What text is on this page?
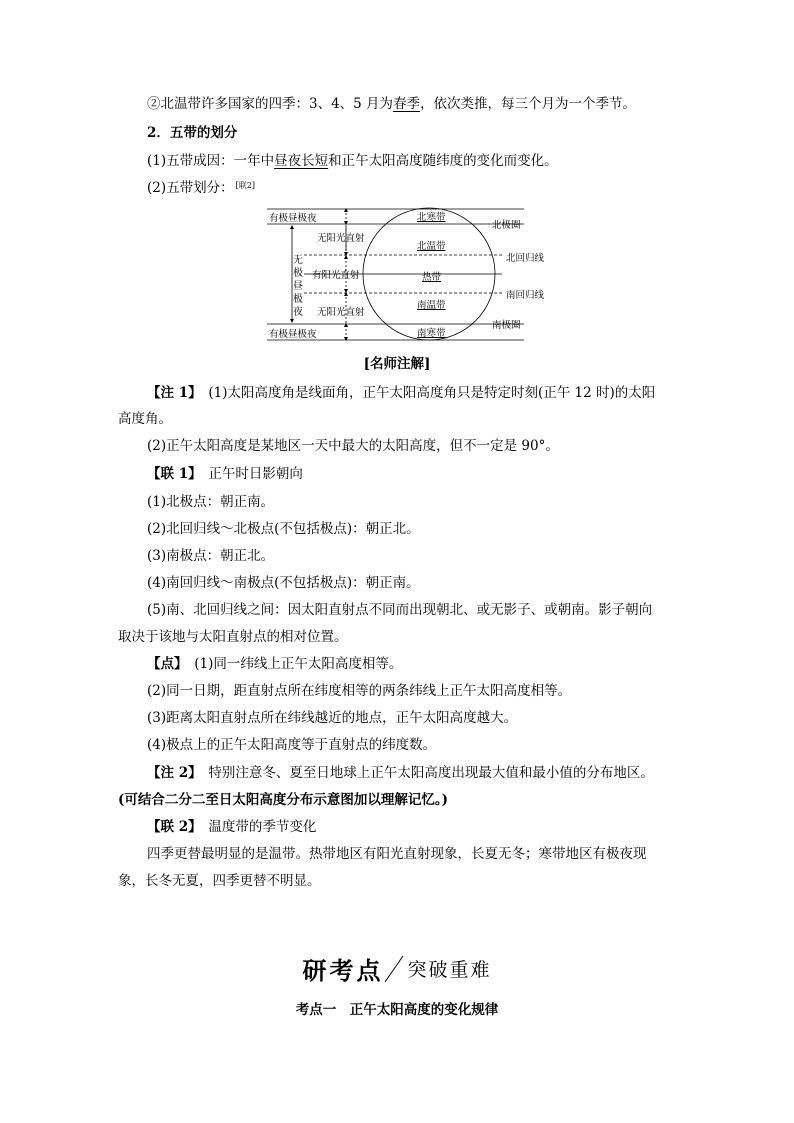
②北温带许多国家的四季：3、4、5 月为春季，依次类推，每三个月为一个季节。
2．五带的划分
(1)五带成因：一年中昼夜长短和正午太阳高度随纬度的变化而变化。
(2)五带划分： [联2]
有极昼极夜
有极昼极夜
无阳光直射
有阳光直射
无阳光直射
无极昼极夜
北寒带
北温带
热带
南温带
南寒带
北极圈
北回归线
南回归线
南极圈
[名师注解]
【注 1】　 (1)太阳高度角是线面角，正午太阳高度角只是特定时刻(正午 12 时)的太阳
高度角。
(2)正午太阳高度是某地区一天中最大的太阳高度，但不一定是 90°。
【联 1】　 正午时日影朝向
(1)北极点：朝正南。
(2)北回归线～北极点(不包括极点)：朝正北。
(3)南极点：朝正北。
(4)南回归线～南极点(不包括极点)：朝正南。
(5)南、北回归线之间：因太阳直射点不同而出现朝北、或无影子、或朝南。影子朝向
取决于该地与太阳直射点的相对位置。
【点】　 (1)同一纬线上正午太阳高度相等。
(2)同一日期，距直射点所在纬度相等的两条纬线上正午太阳高度相等。
(3)距离太阳直射点所在纬线越近的地点，正午太阳高度越大。
(4)极点上的正午太阳高度等于直射点的纬度数。
【注 2】　 特别注意冬、夏至日地球上正午太阳高度出现最大值和最小值的分布地区。
(可结合二分二至日太阳高度分布示意图加以理解记忆。)
【联 2】　 温度带的季节变化
四季更替最明显的是温带。热带地区有阳光直射现象，长夏无冬；寒带地区有极夜现
象，长冬无夏，四季更替不明显。
研考点 突破重难
考点一　正午太阳高度的变化规律
